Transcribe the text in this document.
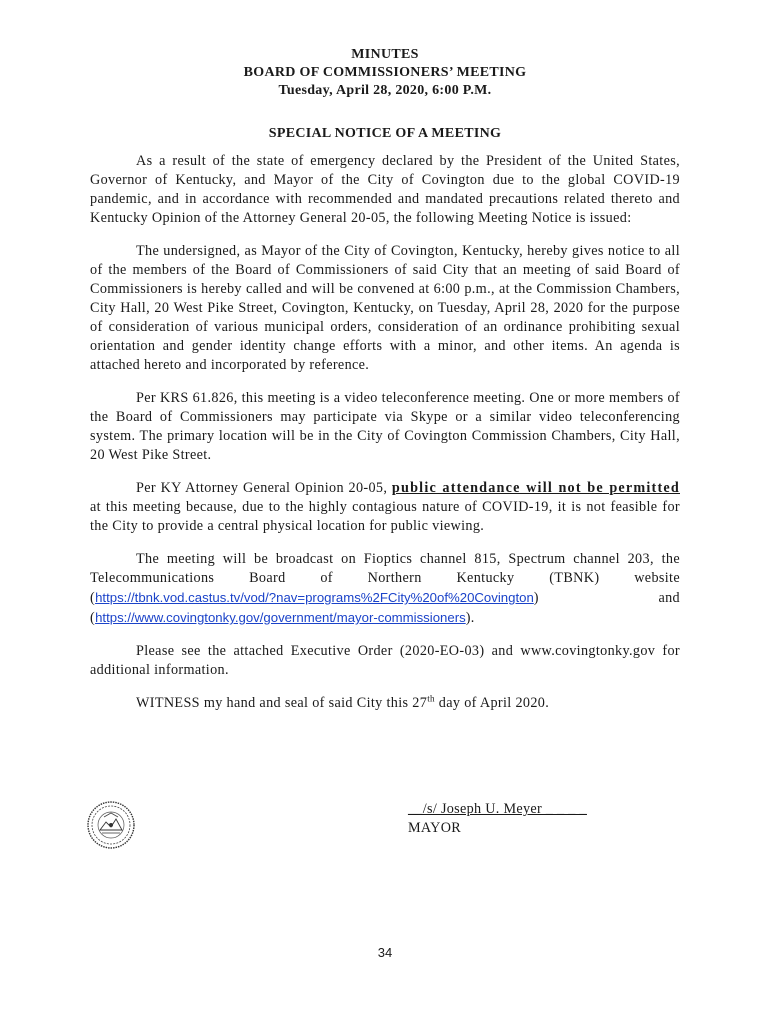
MINUTES
BOARD OF COMMISSIONERS’ MEETING
Tuesday, April 28, 2020, 6:00 P.M.
SPECIAL NOTICE OF A MEETING

As a result of the state of emergency declared by the President of the United States, Governor of Kentucky, and Mayor of the City of Covington due to the global COVID-19 pandemic, and in accordance with recommended and mandated precautions related thereto and Kentucky Opinion of the Attorney General 20-05, the following Meeting Notice is issued:

The undersigned, as Mayor of the City of Covington, Kentucky, hereby gives notice to all of the members of the Board of Commissioners of said City that an meeting of said Board of Commissioners is hereby called and will be convened at 6:00 p.m., at the Commission Chambers, City Hall, 20 West Pike Street, Covington, Kentucky, on Tuesday, April 28, 2020 for the purpose of consideration of various municipal orders, consideration of an ordinance prohibiting sexual orientation and gender identity change efforts with a minor, and other items. An agenda is attached hereto and incorporated by reference.

Per KRS 61.826, this meeting is a video teleconference meeting. One or more members of the Board of Commissioners may participate via Skype or a similar video teleconferencing system. The primary location will be in the City of Covington Commission Chambers, City Hall, 20 West Pike Street.

Per KY Attorney General Opinion 20-05, public attendance will not be permitted at this meeting because, due to the highly contagious nature of COVID-19, it is not feasible for the City to provide a central physical location for public viewing.

The meeting will be broadcast on Fioptics channel 815, Spectrum channel 203, the Telecommunications Board of Northern Kentucky (TBNK) website (https://tbnk.vod.castus.tv/vod/?nav=programs%2FCity%20of%20Covington) and (https://www.covingtonky.gov/government/mayor-commissioners).

Please see the attached Executive Order (2020-EO-03) and www.covingtonky.gov for additional information.

WITNESS my hand and seal of said City this 27th day of April 2020.

__/s/ Joseph U. Meyer _ _ _ _
MAYOR
34
